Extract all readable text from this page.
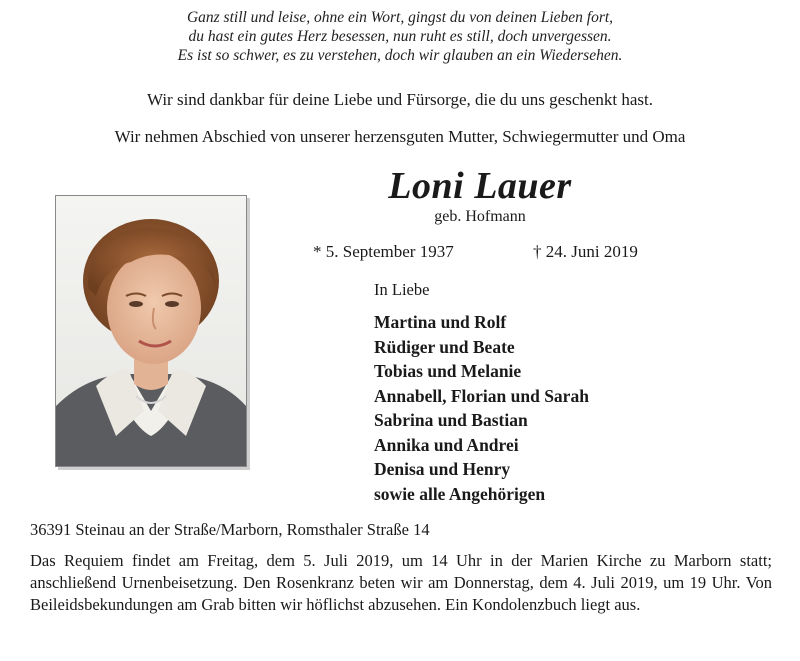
Ganz still und leise, ohne ein Wort, gingst du von deinen Lieben fort,
du hast ein gutes Herz besessen, nun ruht es still, doch unvergessen.
Es ist so schwer, es zu verstehen, doch wir glauben an ein Wiedersehen.
Wir sind dankbar für deine Liebe und Fürsorge, die du uns geschenkt hast.
Wir nehmen Abschied von unserer herzensguten Mutter, Schwiegermutter und Oma
Loni Lauer
geb. Hofmann
* 5. September 1937	† 24. Juni 2019
In Liebe
Martina und Rolf
Rüdiger und Beate
Tobias und Melanie
Annabell, Florian und Sarah
Sabrina und Bastian
Annika und Andrei
Denisa und Henry
sowie alle Angehörigen
36391 Steinau an der Straße/Marborn, Romsthaler Straße 14
Das Requiem findet am Freitag, dem 5. Juli 2019, um 14 Uhr in der Marien Kirche zu Marborn statt; anschließend Urnenbeisetzung. Den Rosenkranz beten wir am Donnerstag, dem 4. Juli 2019, um 19 Uhr. Von Beileidsbekundungen am Grab bitten wir höflichst abzusehen. Ein Kondolenzbuch liegt aus.
